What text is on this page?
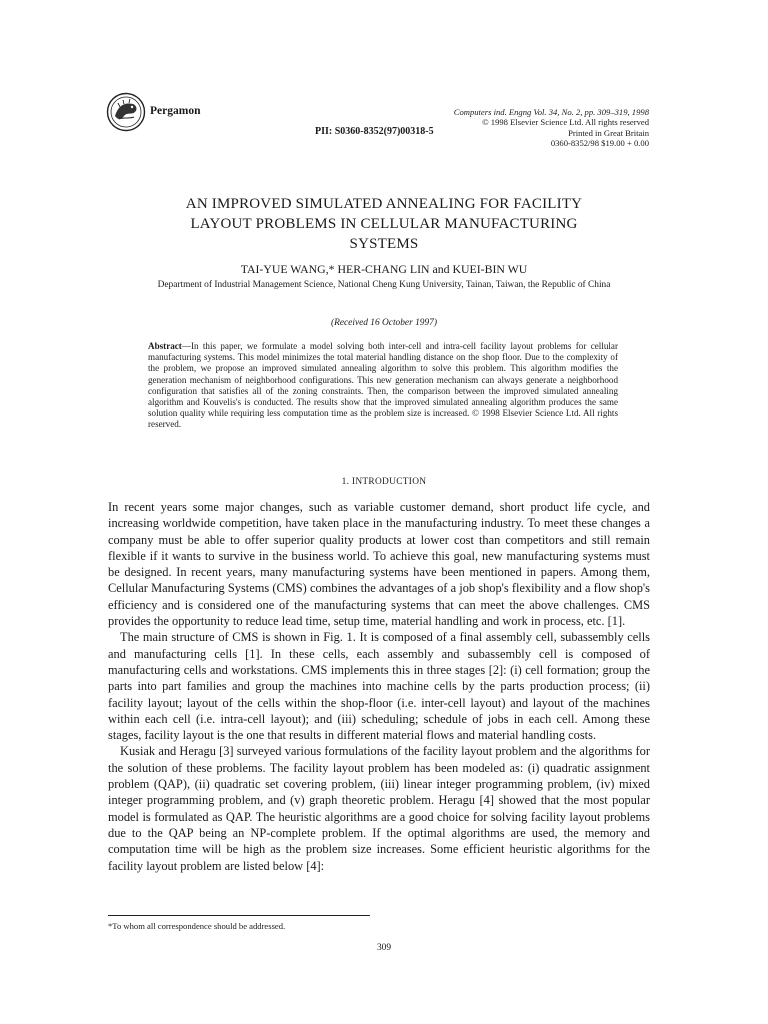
Pergamon
PII: S0360-8352(97)00318-5
Computers ind. Engng Vol. 34, No. 2, pp. 309–319, 1998
© 1998 Elsevier Science Ltd. All rights reserved
Printed in Great Britain
0360-8352/98 $19.00 + 0.00
AN IMPROVED SIMULATED ANNEALING FOR FACILITY
LAYOUT PROBLEMS IN CELLULAR MANUFACTURING
SYSTEMS
TAI-YUE WANG,* HER-CHANG LIN and KUEI-BIN WU
Department of Industrial Management Science, National Cheng Kung University, Tainan, Taiwan, the Republic of China
(Received 16 October 1997)
Abstract—In this paper, we formulate a model solving both inter-cell and intra-cell facility layout problems for cellular manufacturing systems. This model minimizes the total material handling distance on the shop floor. Due to the complexity of the problem, we propose an improved simulated annealing algorithm to solve this problem. This algorithm modifies the generation mechanism of neighborhood configurations. This new generation mechanism can always generate a neighborhood configuration that satisfies all of the zoning constraints. Then, the comparison between the improved simulated annealing algorithm and Kouvelis's is conducted. The results show that the improved simulated annealing algorithm produces the same solution quality while requiring less computation time as the problem size is increased. © 1998 Elsevier Science Ltd. All rights reserved.
1. INTRODUCTION

In recent years some major changes, such as variable customer demand, short product life cycle, and increasing worldwide competition, have taken place in the manufacturing industry. To meet these changes a company must be able to offer superior quality products at lower cost than competitors and still remain flexible if it wants to survive in the business world. To achieve this goal, new manufacturing systems must be designed. In recent years, many manufacturing systems have been mentioned in papers. Among them, Cellular Manufacturing Systems (CMS) combines the advantages of a job shop's flexibility and a flow shop's efficiency and is considered one of the manufacturing systems that can meet the above challenges. CMS provides the opportunity to reduce lead time, setup time, material handling and work in process, etc. [1].

The main structure of CMS is shown in Fig. 1. It is composed of a final assembly cell, subassembly cells and manufacturing cells [1]. In these cells, each assembly and subassembly cell is composed of manufacturing cells and workstations. CMS implements this in three stages [2]: (i) cell formation; group the parts into part families and group the machines into machine cells by the parts production process; (ii) facility layout; layout of the cells within the shop-floor (i.e. inter-cell layout) and layout of the machines within each cell (i.e. intra-cell layout); and (iii) scheduling; schedule of jobs in each cell. Among these stages, facility layout is the one that results in different material flows and material handling costs.

Kusiak and Heragu [3] surveyed various formulations of the facility layout problem and the algorithms for the solution of these problems. The facility layout problem has been modeled as: (i) quadratic assignment problem (QAP), (ii) quadratic set covering problem, (iii) linear integer programming problem, (iv) mixed integer programming problem, and (v) graph theoretic problem. Heragu [4] showed that the most popular model is formulated as QAP. The heuristic algorithms are a good choice for solving facility layout problems due to the QAP being an NP-complete problem. If the optimal algorithms are used, the memory and computation time will be high as the problem size increases. Some efficient heuristic algorithms for the facility layout problem are listed below [4]:

*To whom all correspondence should be addressed.
309
